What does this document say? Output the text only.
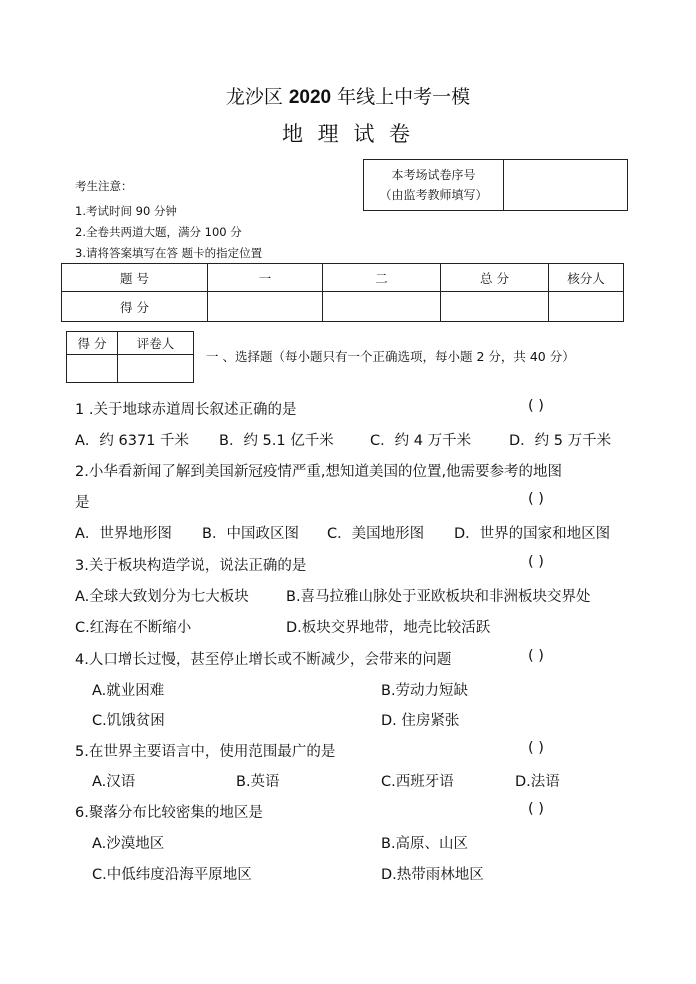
龙沙区 2020 年线上中考一模
地 理 试 卷
本考场试卷序号
（由监考教师填写）

考生注意：
1.考试时间 90 分钟
2.全卷共两道大题，满分 100 分
3.请将答案填写在答 题卡的指定位置
题 号	一	二	总 分	核分人
得 分				
得 分	评卷人

一 、选择题（每小题只有一个正确选项，每小题 2 分，共 40 分）
1 .关于地球赤道周长叙述正确的是	( )
A．约 6371 千米 B．约 5.1 亿千米	C．约 4 万千米	D．约 5 万千米
2.小华看新闻了解到美国新冠疫情严重,想知道美国的位置,他需要参考的地图
是	( )
A．世界地形图 B．中国政区图 C．美国地形图 D．世界的国家和地区图
3.关于板块构造学说，说法正确的是	( )
A.全球大致划分为七大板块	B.喜马拉雅山脉处于亚欧板块和非洲板块交界处
C.红海在不断缩小	D.板块交界地带，地壳比较活跃
4.人口增长过慢，甚至停止增长或不断减少，会带来的问题	( )
A.就业困难	B.劳动力短缺
C.饥饿贫困	D. 住房紧张
5.在世界主要语言中，使用范围最广的是	( )
A.汉语	B.英语	C.西班牙语	D.法语
6.聚落分布比较密集的地区是	( )
A.沙漠地区	B.高原、山区
C.中低纬度沿海平原地区	D.热带雨林地区
